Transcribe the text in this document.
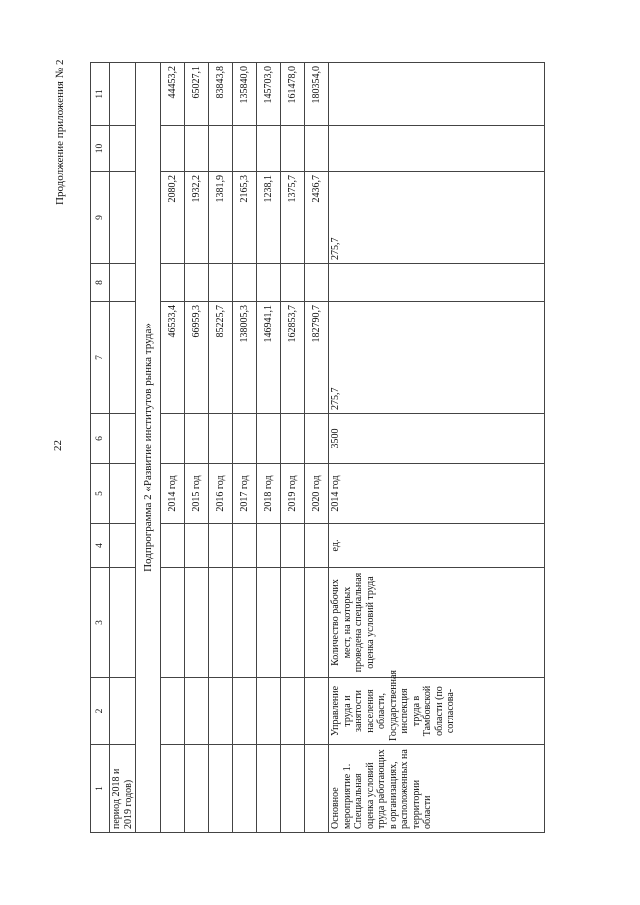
22
Продолжение приложения № 2
1	2	3	4	5	6	7	8	9	10	11
период 2018 и 2019 годов)										
Подпрограмма 2 «Развитие институтов рынка труда»										
				2014 год		46533,4		2080,2		44453,2
				2015 год		66959,3		1932,2		65027,1
				2016 год		85225,7		1381,9		83843,8
				2017 год		138005,3		2165,3		135840,0
				2018 год		146941,1		1238,1		145703,0
				2019 год		162853,7		1375,7		161478,0
				2020 год		182790,7		2436,7		180354,0
Основное мероприятие 1. Специальная оценка условий труда работающих в организациях, расположенных на территории области	Управление труда и занятости населения области, Государственная инспекция труда в Тамбовской области (по согласова-	Количество рабочих мест, на которых проведена специальная оценка условий труда	ед.	2014 год	3500	275,7		275,7		
